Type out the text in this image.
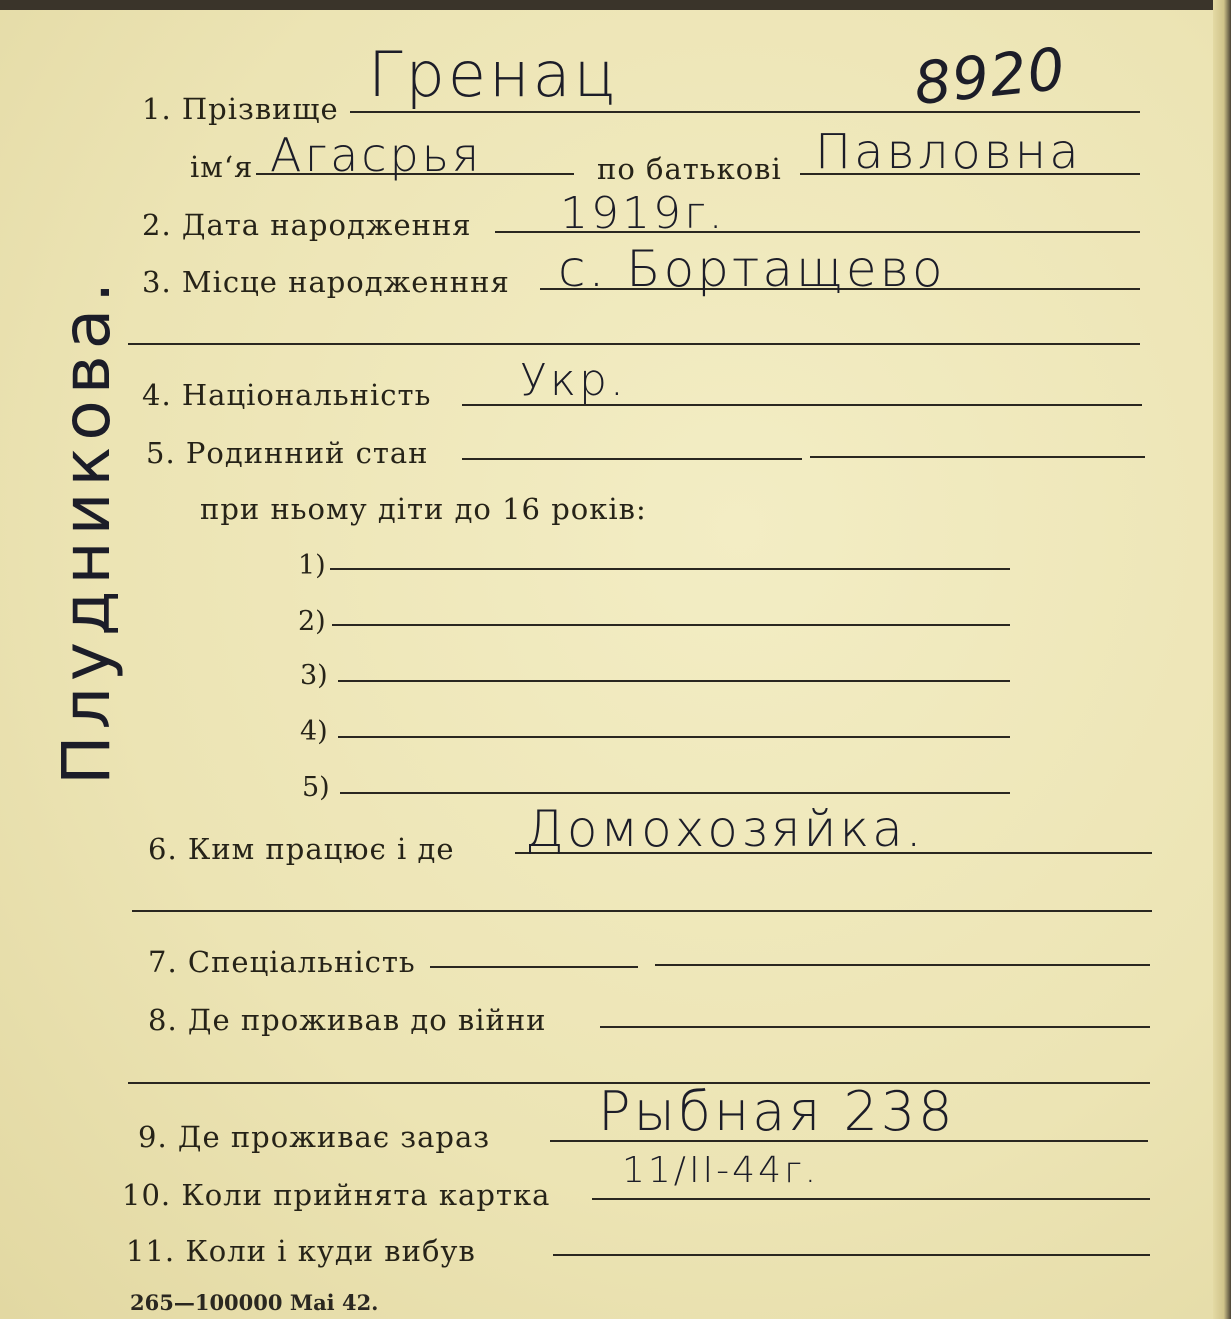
8920
1. Прізвище Гренац
ім‘я Агасрья	по батькові Павловна
2. Дата народження 1919г.
3. Місце народженння с. Бортащево
4. Національність Укр.
5. Родинний стан
при ньому діти до 16 років:
1)
2)
3)
4)
5)
6. Ким працює і де Домохозяйка.
7. Спеціальність
8. Де проживав до війни
9. Де проживає зараз Рыбная 238
10. Коли прийнята картка
11/II-44г.
11. Коли і куди вибув
Плудникова.
265—100000 Mai 42.
